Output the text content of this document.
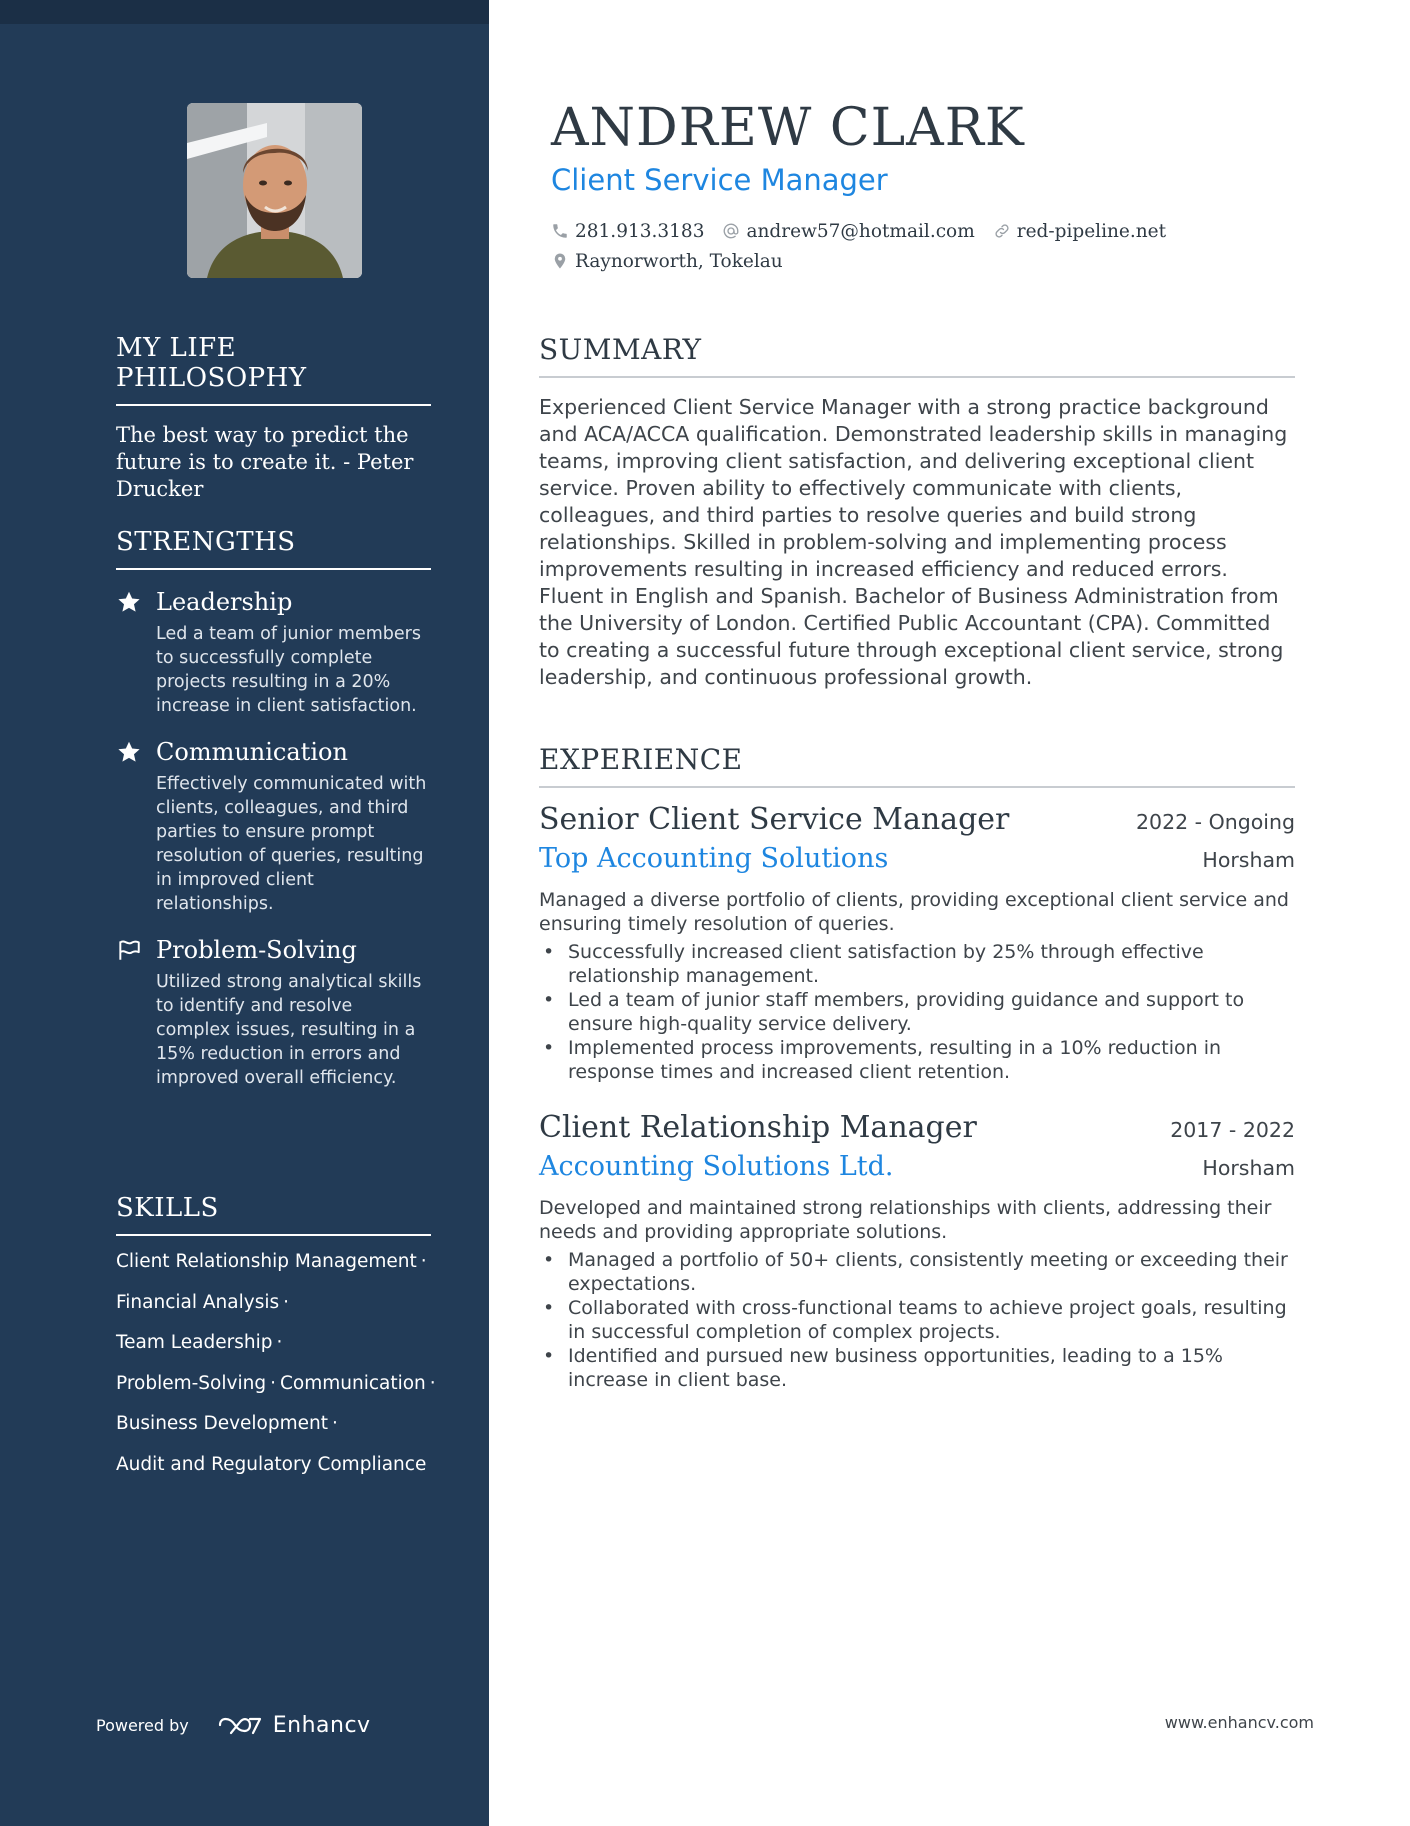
MY LIFE PHILOSOPHY
The best way to predict the future is to create it. - Peter Drucker
STRENGTHS
Leadership
Led a team of junior members to successfully complete projects resulting in a 20% increase in client satisfaction.
Communication
Effectively communicated with clients, colleagues, and third parties to ensure prompt resolution of queries, resulting in improved client relationships.
Problem-Solving
Utilized strong analytical skills to identify and resolve complex issues, resulting in a 15% reduction in errors and improved overall efficiency.
SKILLS
Client Relationship Management ·
Financial Analysis ·
Team Leadership ·
Problem-Solving · Communication ·
Business Development ·
Audit and Regulatory Compliance
Powered by	Enhancv
ANDREW CLARK
Client Service Manager
281.913.3183 andrew57@hotmail.com red-pipeline.net
Raynorworth, Tokelau
SUMMARY
Experienced Client Service Manager with a strong practice background and ACA/ACCA qualification. Demonstrated leadership skills in managing teams, improving client satisfaction, and delivering exceptional client service. Proven ability to effectively communicate with clients, colleagues, and third parties to resolve queries and build strong relationships. Skilled in problem-solving and implementing process improvements resulting in increased efficiency and reduced errors. Fluent in English and Spanish. Bachelor of Business Administration from the University of London. Certified Public Accountant (CPA). Committed to creating a successful future through exceptional client service, strong leadership, and continuous professional growth.
EXPERIENCE
Senior Client Service Manager	2022 - Ongoing
Top Accounting Solutions	Horsham
Managed a diverse portfolio of clients, providing exceptional client service and ensuring timely resolution of queries.
• Successfully increased client satisfaction by 25% through effective relationship management.
• Led a team of junior staff members, providing guidance and support to ensure high-quality service delivery.
• Implemented process improvements, resulting in a 10% reduction in response times and increased client retention.
Client Relationship Manager	2017 - 2022
Accounting Solutions Ltd.	Horsham
Developed and maintained strong relationships with clients, addressing their needs and providing appropriate solutions.
• Managed a portfolio of 50+ clients, consistently meeting or exceeding their expectations.
• Collaborated with cross-functional teams to achieve project goals, resulting in successful completion of complex projects.
• Identified and pursued new business opportunities, leading to a 15% increase in client base.
www.enhancv.com
